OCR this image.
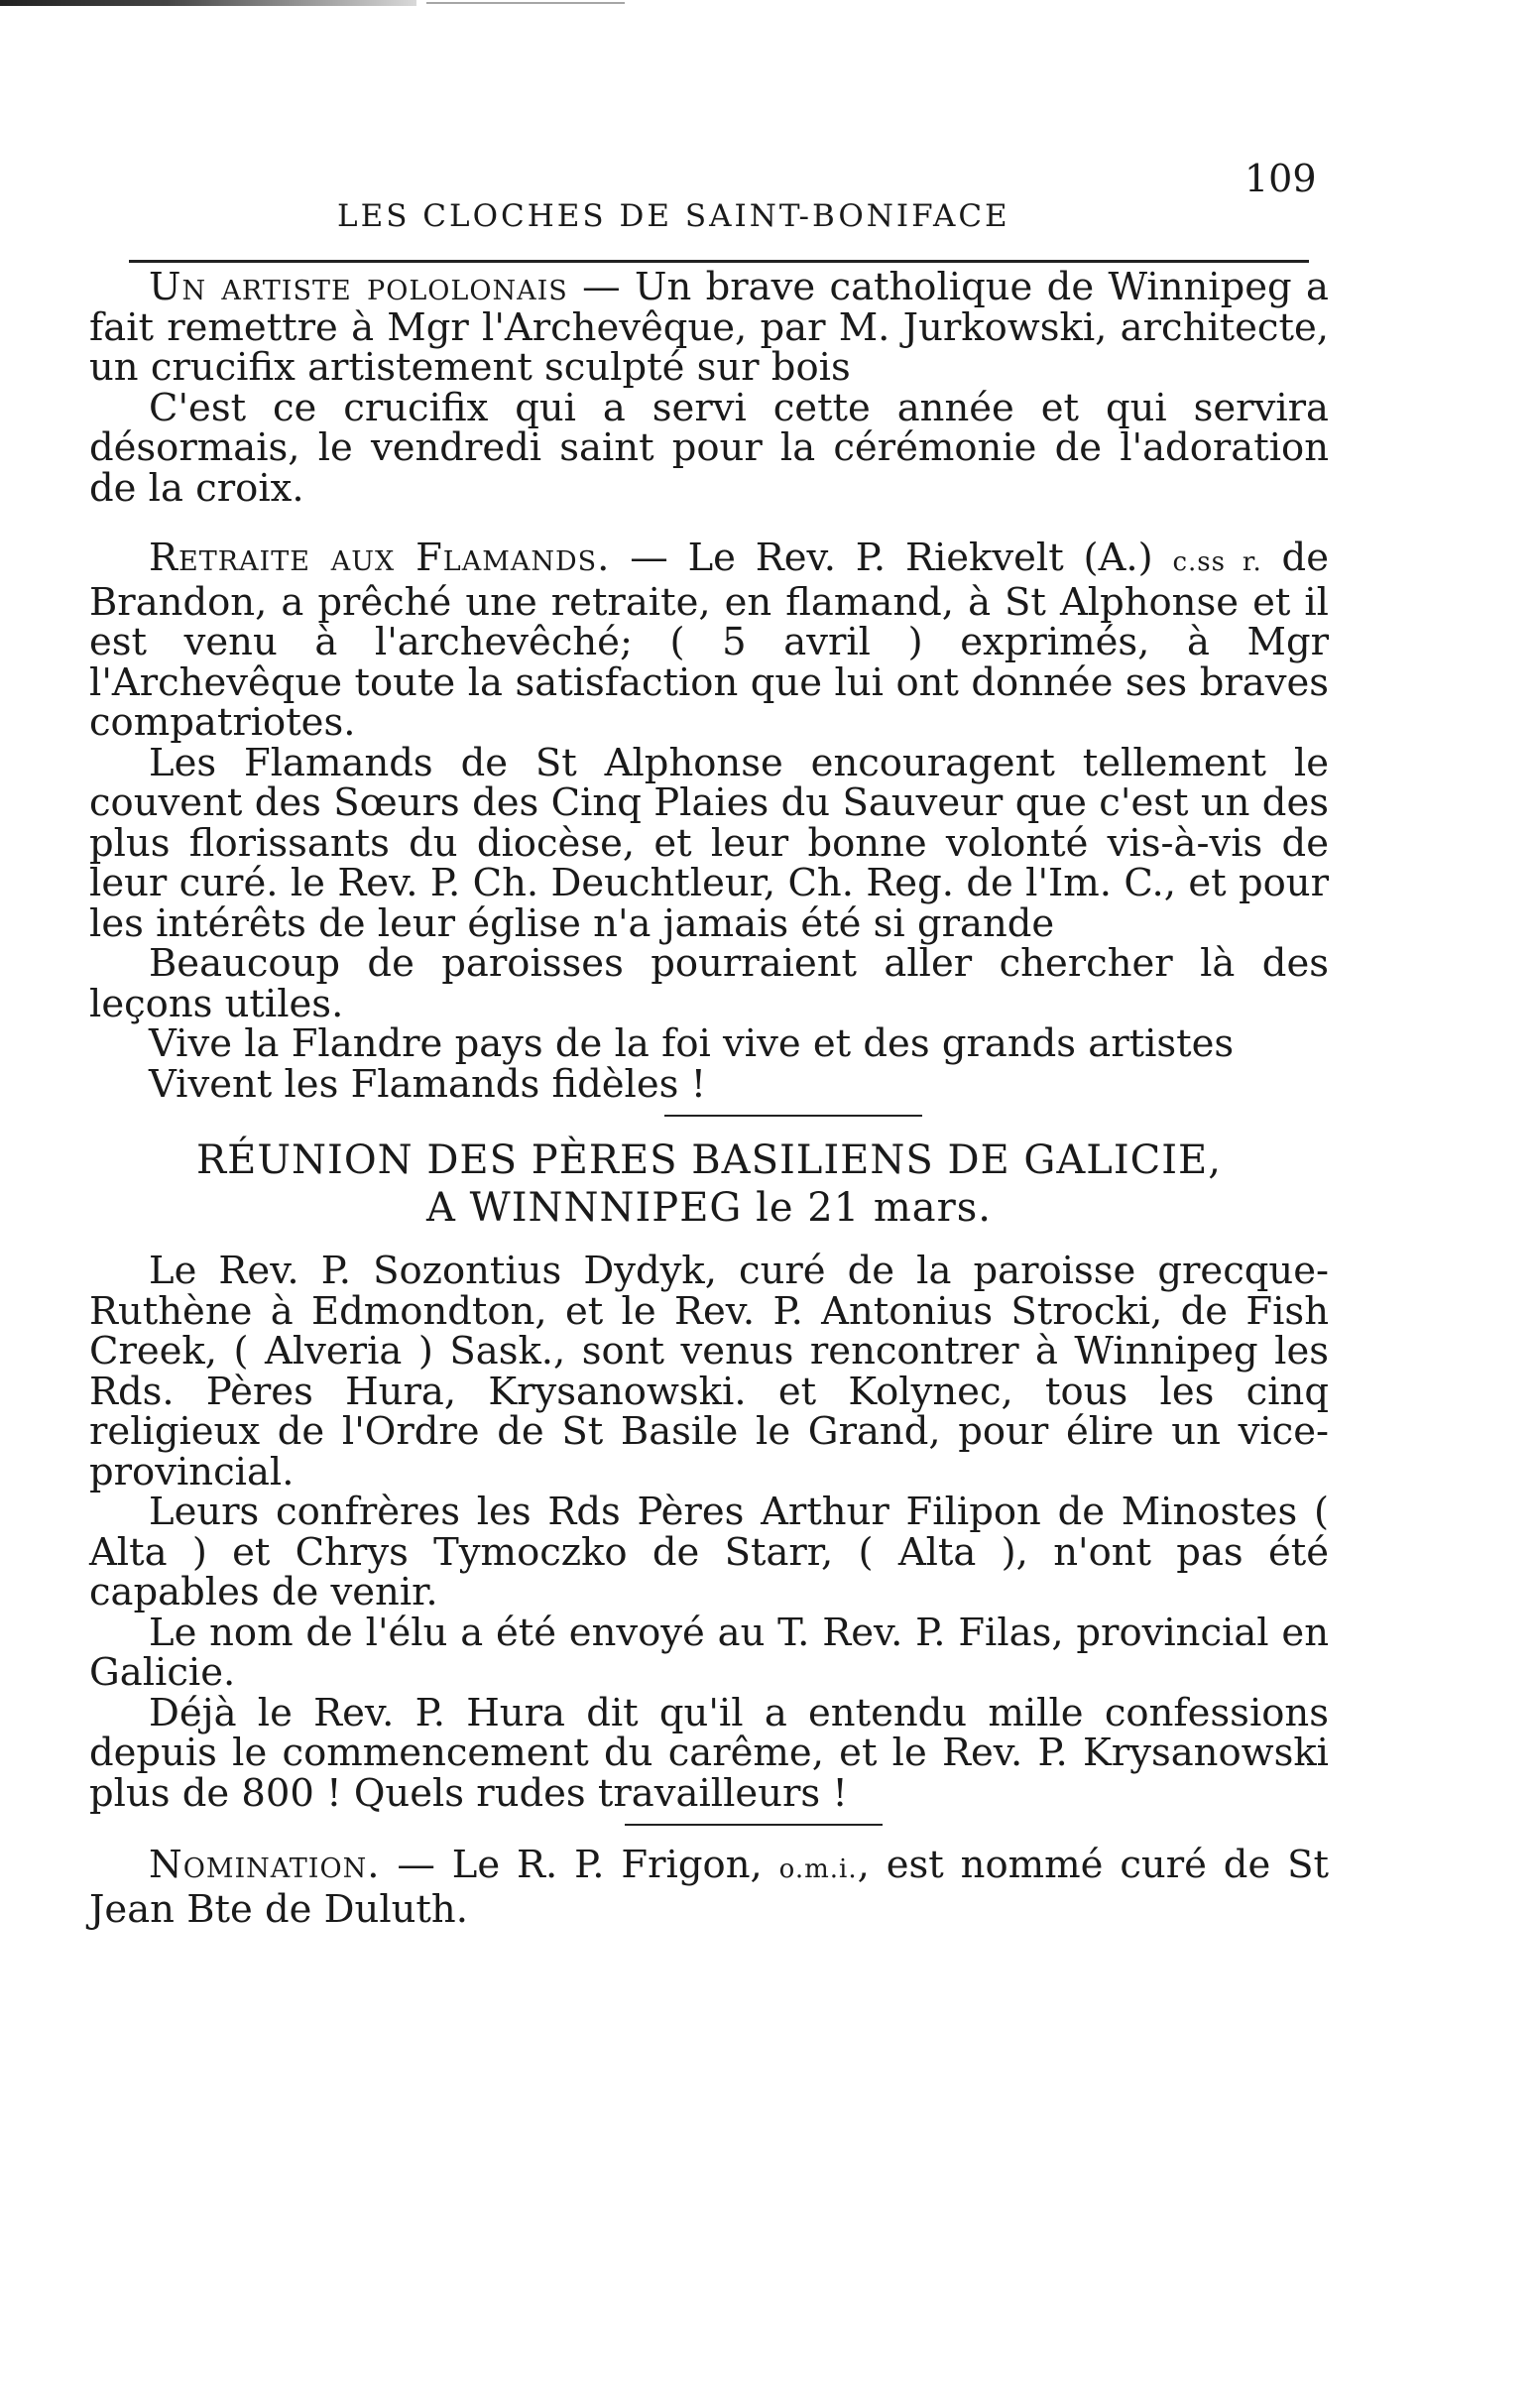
LES CLOCHES DE SAINT-BONIFACE
109

Un artiste pololonais — Un brave catholique de Winnipeg a fait remettre à Mgr l'Archevêque, par M. Jurkowski, architecte, un crucifix artistement sculpté sur bois

C'est ce crucifix qui a servi cette année et qui servira désormais, le vendredi saint pour la cérémonie de l'adoration de la croix.

Retraite aux Flamands. — Le Rev. P. Riekvelt (A.) c.ss r. de Brandon, a prêché une retraite, en flamand, à St Alphonse et il est venu à l'archevêché; ( 5 avril ) exprimés, à Mgr l'Archevêque toute la satisfaction que lui ont donnée ses braves compatriotes.

Les Flamands de St Alphonse encouragent tellement le couvent des Sœurs des Cinq Plaies du Sauveur que c'est un des plus florissants du diocèse, et leur bonne volonté vis-à-vis de leur curé. le Rev. P. Ch. Deuchtleur, Ch. Reg. de l'Im. C., et pour les intérêts de leur église n'a jamais été si grande

Beaucoup de paroisses pourraient aller chercher là des leçons utiles.

Vive la Flandre pays de la foi vive et des grands artistes

Vivent les Flamands fidèles !

RÉUNION DES PÈRES BASILIENS DE GALICIE,

A WINNNIPEG le 21 mars.

Le Rev. P. Sozontius Dydyk, curé de la paroisse grecque-Ruthène à Edmondton, et le Rev. P. Antonius Strocki, de Fish Creek, ( Alveria ) Sask., sont venus rencontrer à Winnipeg les Rds. Pères Hura, Krysanowski. et Kolynec, tous les cinq religieux de l'Ordre de St Basile le Grand, pour élire un vice-provincial.

Leurs confrères les Rds Pères Arthur Filipon de Minostes ( Alta ) et Chrys Tymoczko de Starr, ( Alta ), n'ont pas été capables de venir.

Le nom de l'élu a été envoyé au T. Rev. P. Filas, provincial en Galicie.

Déjà le Rev. P. Hura dit qu'il a entendu mille confessions depuis le commencement du carême, et le Rev. P. Krysanowski plus de 800 ! Quels rudes travailleurs !

Nomination. — Le R. P. Frigon, o.m.i., est nommé curé de St Jean Bte de Duluth.
